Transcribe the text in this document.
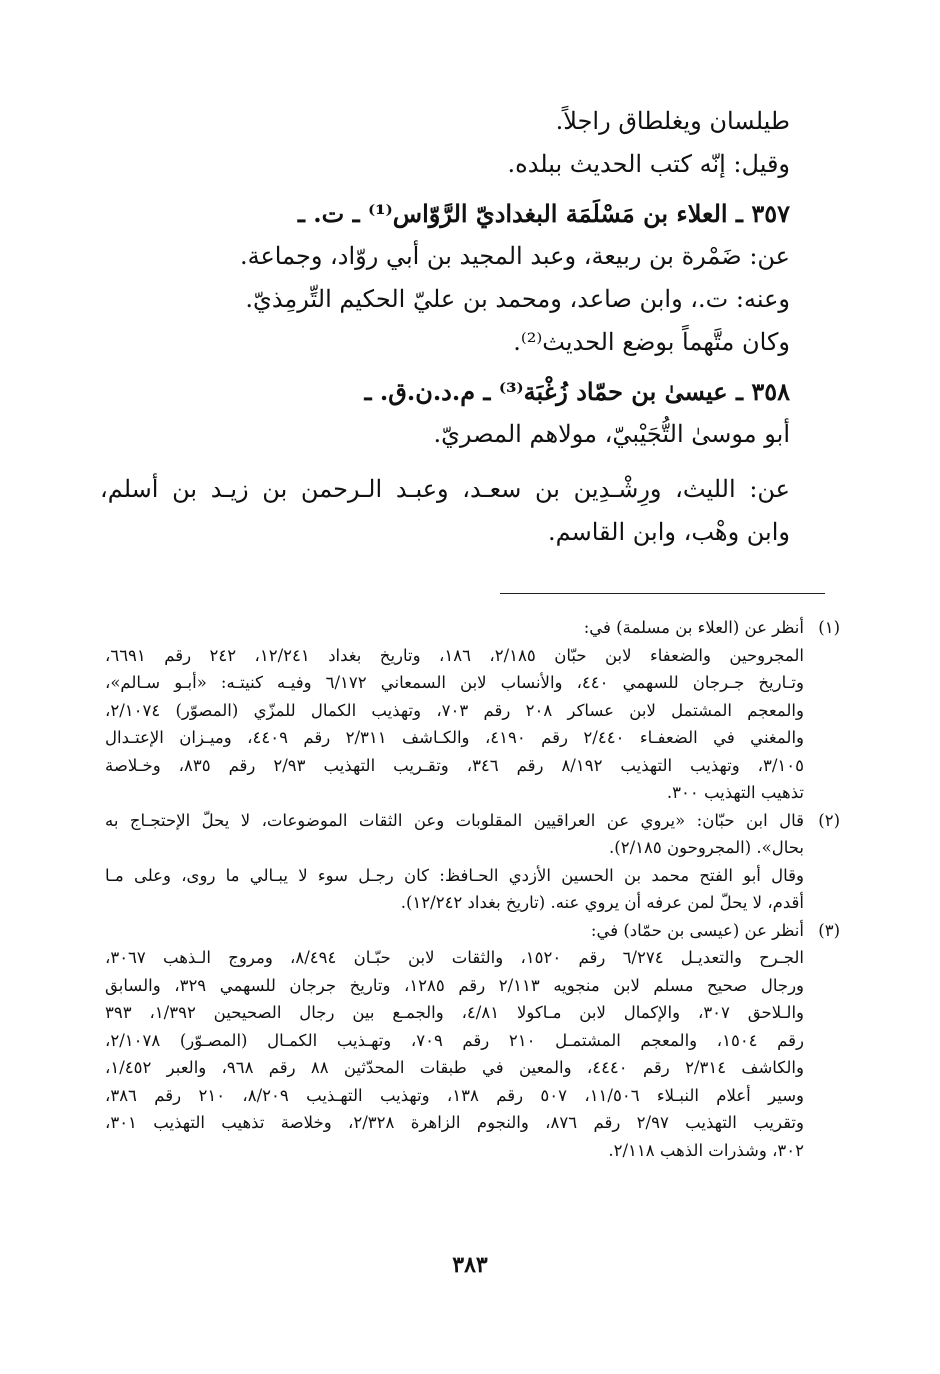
طيلسان ويغلطاق راجلاً.
وقيل: إنّه كتب الحديث ببلده.
٣٥٧ ـ العلاء بن مَسْلَمَة البغداديّ الرَّوّاس⁽¹⁾ ـ ت. ـ
عن: ضَمْرة بن ربيعة، وعبد المجيد بن أبي روّاد، وجماعة.
وعنه: ت.، وابن صاعد، ومحمد بن عليّ الحكيم التِّرمِذيّ.
وكان متَّهماً بوضع الحديث⁽²⁾.
٣٥٨ ـ عيسىٰ بن حمّاد زُغْبَة⁽³⁾ ـ م.د.ن.ق. ـ
أبو موسىٰ التُّجَيْبيّ، مولاهم المصريّ.
عن: الليث، ورِشْـدِين بن سعـد، وعبـد الـرحمن بن زيـد بن أسلم،
وابن وهْب، وابن القاسم.
(١)
أنظر عن (العلاء بن مسلمة) في:
المجروحين والضعفاء لابن حبّان ٢/١٨٥، ١٨٦، وتاريخ بغداد ١٢/٢٤١، ٢٤٢ رقم ٦٦٩١،
وتـاريخ جـرجان للسهمي ٤٤٠، والأنساب لابن السمعاني ٦/١٧٢ وفيـه كنيتـه: «أبـو سـالم»،
والمعجم المشتمل لابن عساكر ٢٠٨ رقم ٧٠٣، وتهذيب الكمال للمزّي (المصوّر) ٢/١٠٧٤،
والمغني في الضعفـاء ٢/٤٤٠ رقم ٤١٩٠، والكـاشف ٢/٣١١ رقم ٤٤٠٩، وميـزان الإعتـدال
٣/١٠٥، وتهذيب التهذيب ٨/١٩٢ رقم ٣٤٦، وتقـريب التهذيب ٢/٩٣ رقم ٨٣٥، وخـلاصة
تذهيب التهذيب ٣٠٠.
(٢)
قال ابن حبّان: «يروي عن العراقيين المقلوبات وعن الثقات الموضوعات، لا يحلّ الإحتجـاج به
بحال». (المجروحون ٢/١٨٥).
وقال أبو الفتح محمد بن الحسين الأزدي الحـافظ: كان رجـل سوء لا يبـالي ما روى، وعلى مـا
أقدم، لا يحلّ لمن عرفه أن يروي عنه. (تاريخ بغداد ١٢/٢٤٢).
(٣)
أنظر عن (عيسى بن حمّاد) في:
الجـرح والتعديـل ٦/٢٧٤ رقم ١٥٢٠، والثقات لابن حبّـان ٨/٤٩٤، ومروج الـذهب ٣٠٦٧،
ورجال صحيح مسلم لابن منجويه ٢/١١٣ رقم ١٢٨٥، وتاريخ جرجان للسهمي ٣٢٩، والسابق
والـلاحق ٣٠٧، والإكمال لابن مـاكولا ٤/٨١، والجمـع بين رجال الصحيحين ١/٣٩٢، ٣٩٣
رقم ١٥٠٤، والمعجم المشتمـل ٢١٠ رقم ٧٠٩، وتهـذيب الكمـال (المصـوّر) ٢/١٠٧٨،
والكاشف ٢/٣١٤ رقم ٤٤٤٠، والمعين في طبقات المحدّثين ٨٨ رقم ٩٦٨، والعبر ١/٤٥٢،
وسير أعلام النبـلاء ١١/٥٠٦، ٥٠٧ رقم ١٣٨، وتهذيب التهـذيب ٨/٢٠٩، ٢١٠ رقم ٣٨٦،
وتقريب التهذيب ٢/٩٧ رقم ٨٧٦، والنجوم الزاهرة ٢/٣٢٨، وخلاصة تذهيب التهذيب ٣٠١،
٣٠٢، وشذرات الذهب ٢/١١٨.
٣٨٣
